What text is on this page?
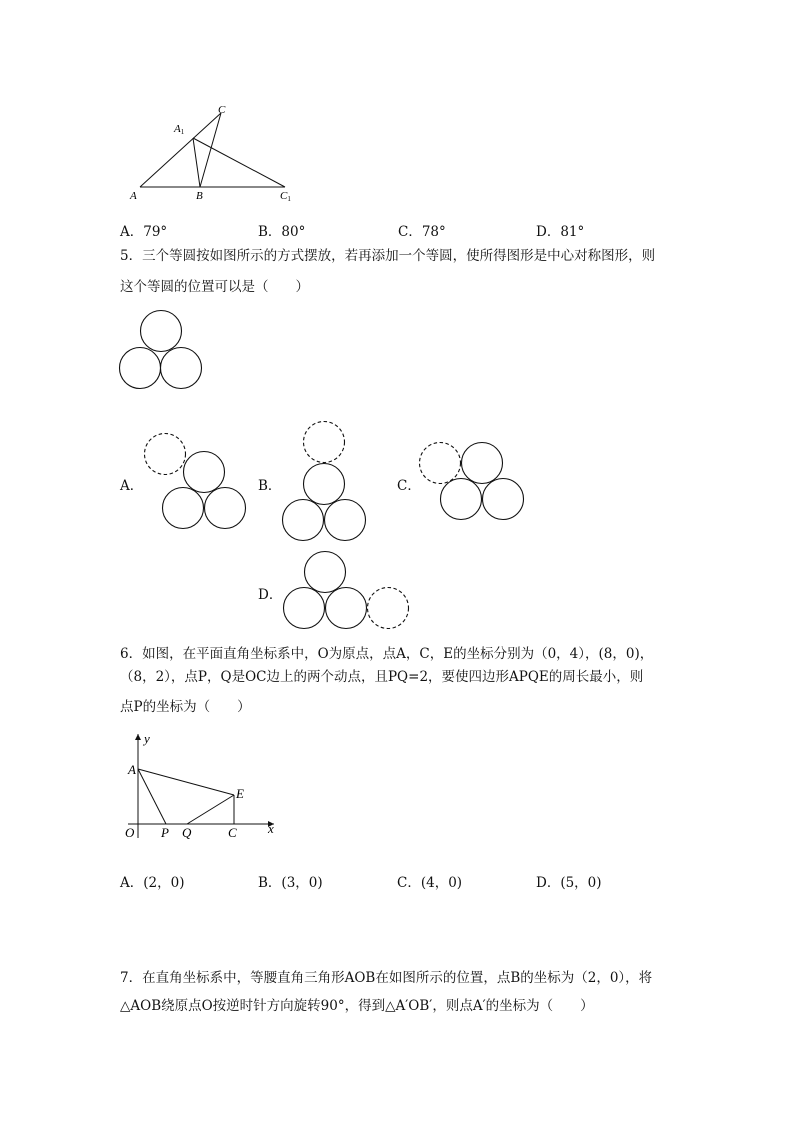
C
A1
A	B	C1
A．79°	B．80°	C．78°	D．81°
5．三个等圆按如图所示的方式摆放，若再添加一个等圆，使所得图形是中心对称图形，则
这个等圆的位置可以是（　　）
A．	B．	C．
D．
6．如图，在平面直角坐标系中，O为原点，点A，C，E的坐标分别为（0，4），(8，0)，
（8，2），点P，Q是OC边上的两个动点，且PQ=2，要使四边形APQE的周长最小，则
点P的坐标为（　　）
y
x
A
E
O P Q	C
A．(2，0)	B．(3，0)	C．(4，0)	D．(5，0)
7．在直角坐标系中，等腰直角三角形AOB在如图所示的位置，点B的坐标为（2，0），将
△AOB绕原点O按逆时针方向旋转90°，得到△A′OB′，则点A′的坐标为（　　）
